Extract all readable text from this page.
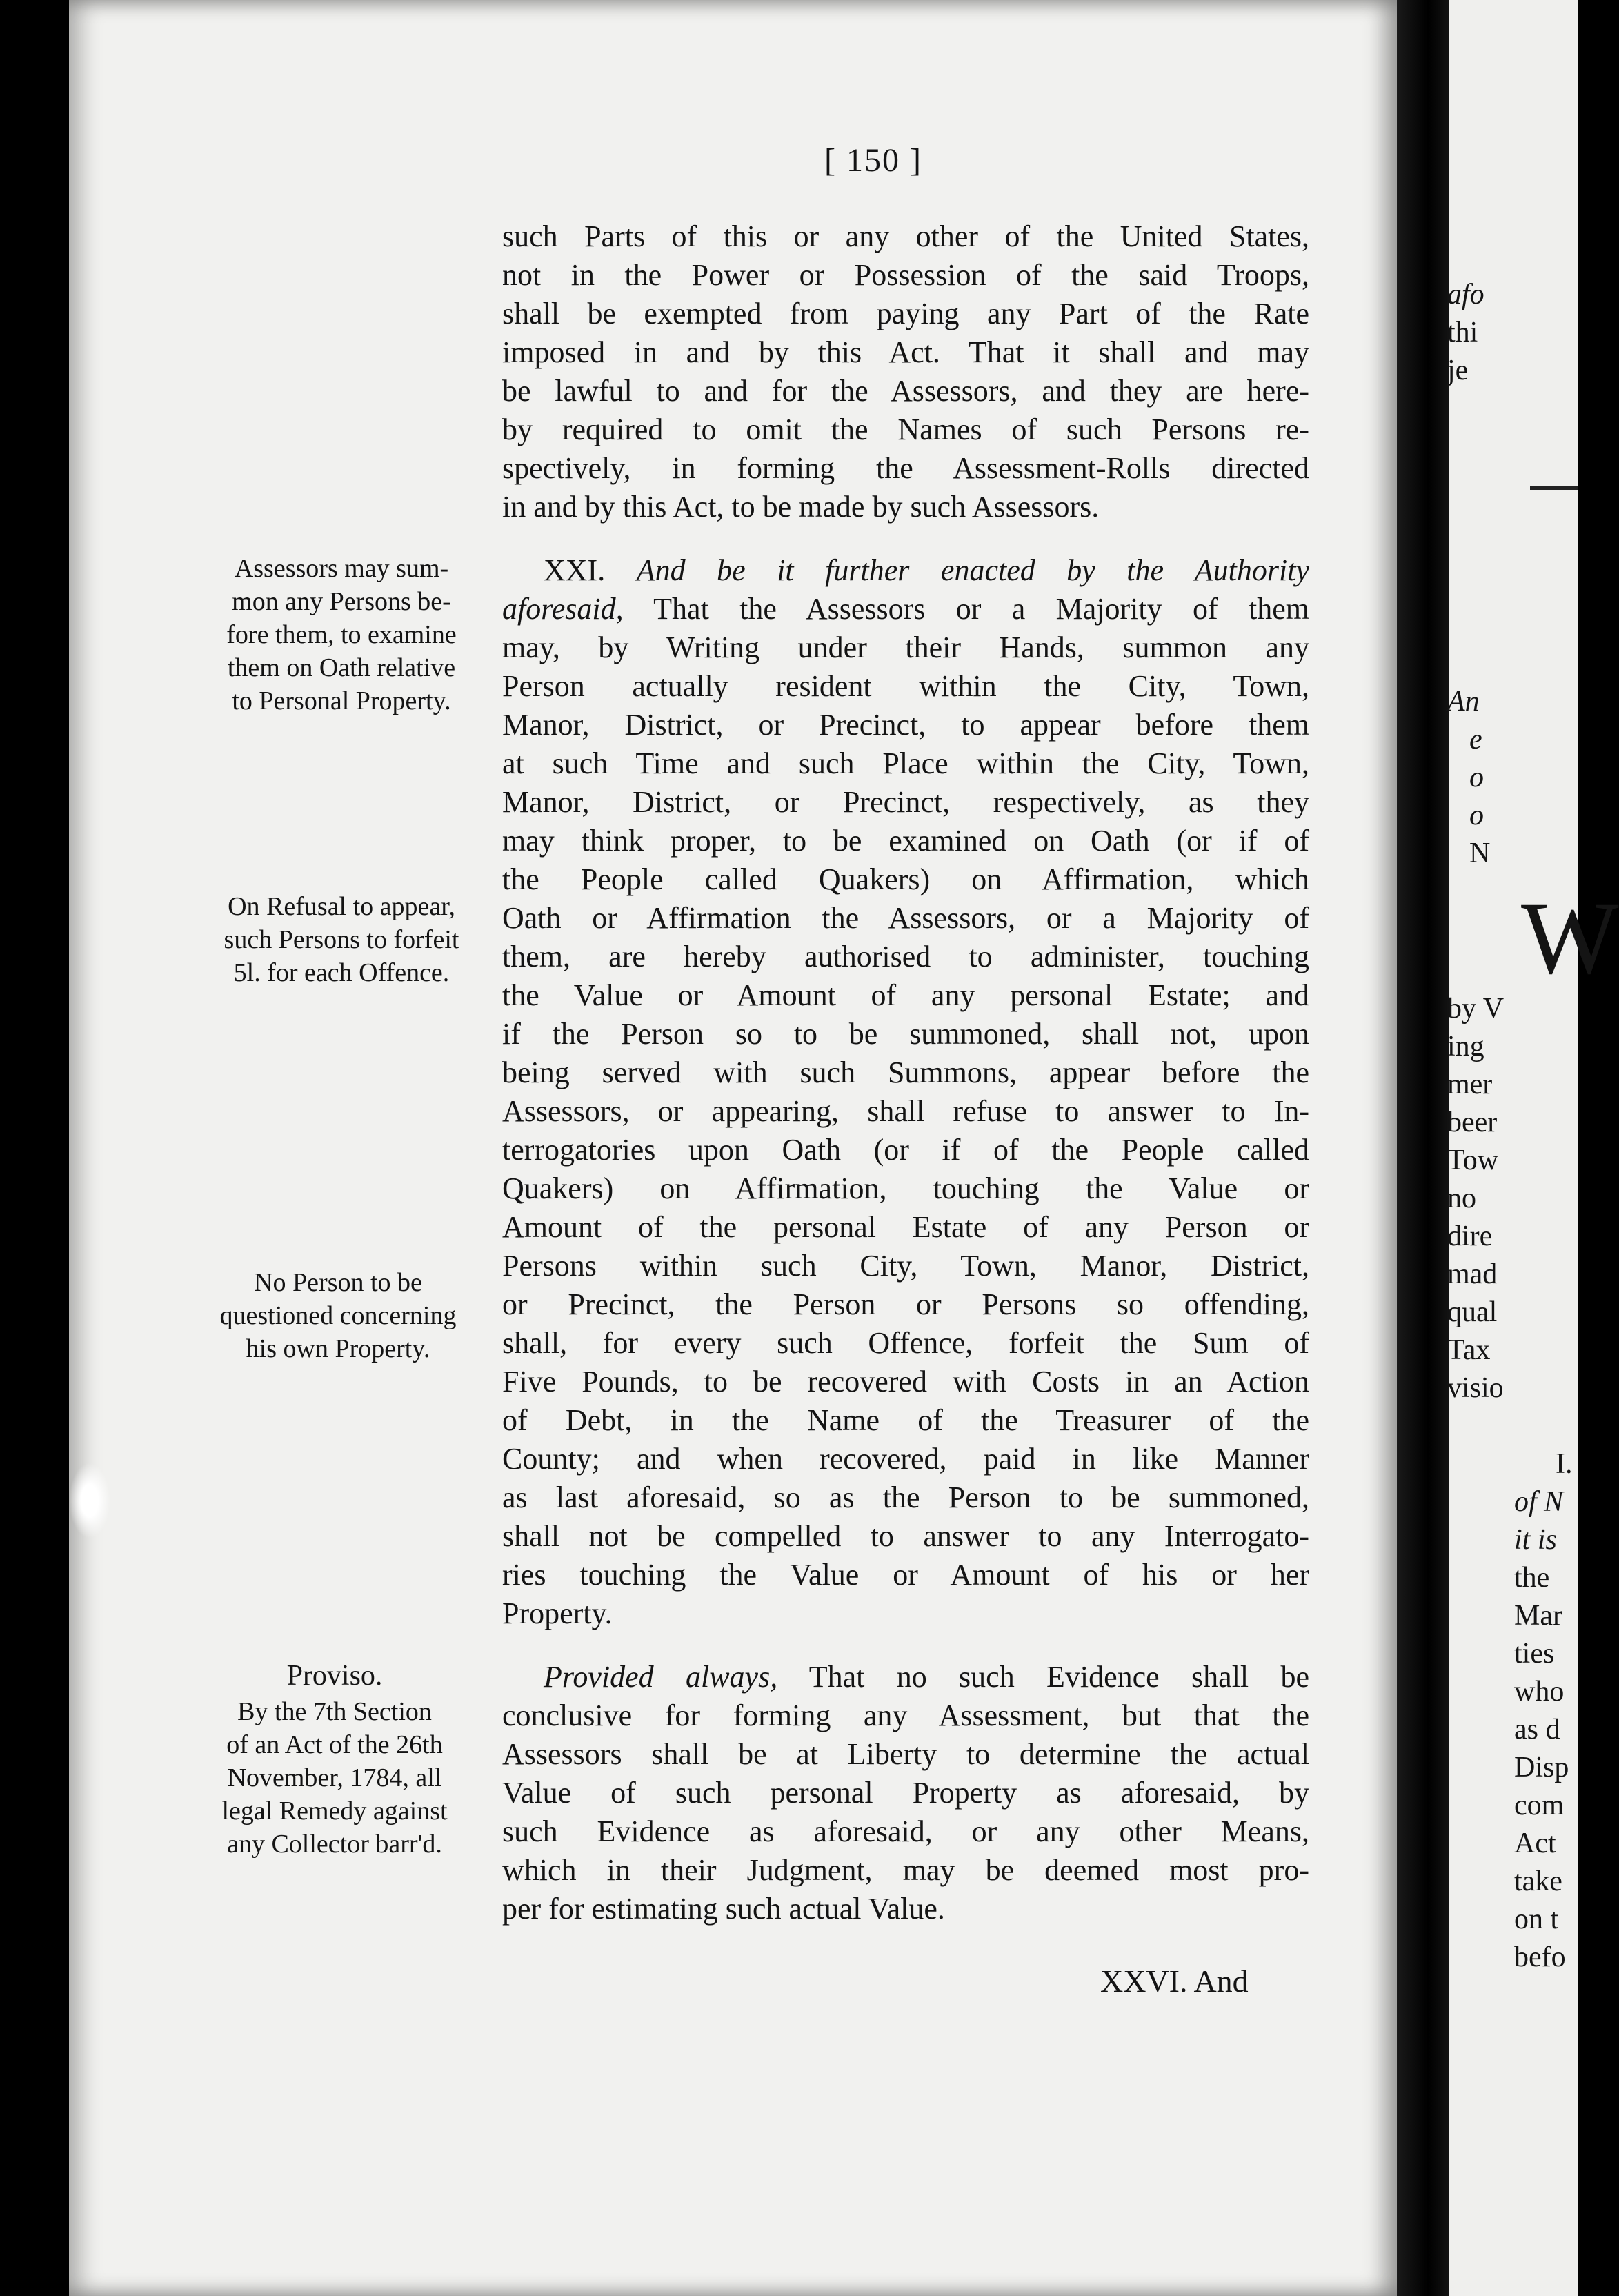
[ 150 ]

such Parts of this or any other of the United States,
not in the Power or Possession of the said Troops,
shall be exempted from paying any Part of the Rate
imposed in and by this Act. That it shall and may
be lawful to and for the Assessors, and they are here-
by required to omit the Names of such Persons re-
spectively, in forming the Assessment-Rolls directed
in and by this Act, to be made by such Assessors.

XXI. And be it further enacted by the Authority
aforesaid, That the Assessors or a Majority of them
may, by Writing under their Hands, summon any
Person actually resident within the City, Town,
Manor, District, or Precinct, to appear before them
at such Time and such Place within the City, Town,
Manor, District, or Precinct, respectively, as they
may think proper, to be examined on Oath (or if of
the People called Quakers) on Affirmation, which
Oath or Affirmation the Assessors, or a Majority of
them, are hereby authorised to administer, touching
the Value or Amount of any personal Estate; and
if the Person so to be summoned, shall not, upon
being served with such Summons, appear before the
Assessors, or appearing, shall refuse to answer to In-
terrogatories upon Oath (or if of the People called
Quakers) on Affirmation, touching the Value or
Amount of the personal Estate of any Person or
Persons within such City, Town, Manor, District,
or Precinct, the Person or Persons so offending,
shall, for every such Offence, forfeit the Sum of
Five Pounds, to be recovered with Costs in an Action
of Debt, in the Name of the Treasurer of the
County; and when recovered, paid in like Manner
as last aforesaid, so as the Person to be summoned,
shall not be compelled to answer to any Interrogato-
ries touching the Value or Amount of his or her
Property.

Provided always, That no such Evidence shall be
conclusive for forming any Assessment, but that the
Assessors shall be at Liberty to determine the actual
Value of such personal Property as aforesaid, by
such Evidence as aforesaid, or any other Means,
which in their Judgment, may be deemed most pro-
per for estimating such actual Value.

Assessors may sum-
mon any Persons be-
fore them, to examine
them on Oath relative
to Personal Property.
On Refusal to appear,
such Persons to forfeit
5l. for each Offence.
No Person to be
questioned concerning
his own Property.
Proviso.
By the 7th Section
of an Act of the 26th
November, 1784, all
legal Remedy against
any Collector barr'd.
XXVI. And
afo
thi
je
An
e
o
o
N
W
by V
ing
mer
beer
Tow
no
dire
mad
qual
Tax
visio
I.
of N
it is
the
Mar
ties
who
as d
Disp
com
Act
take
on t
befo
